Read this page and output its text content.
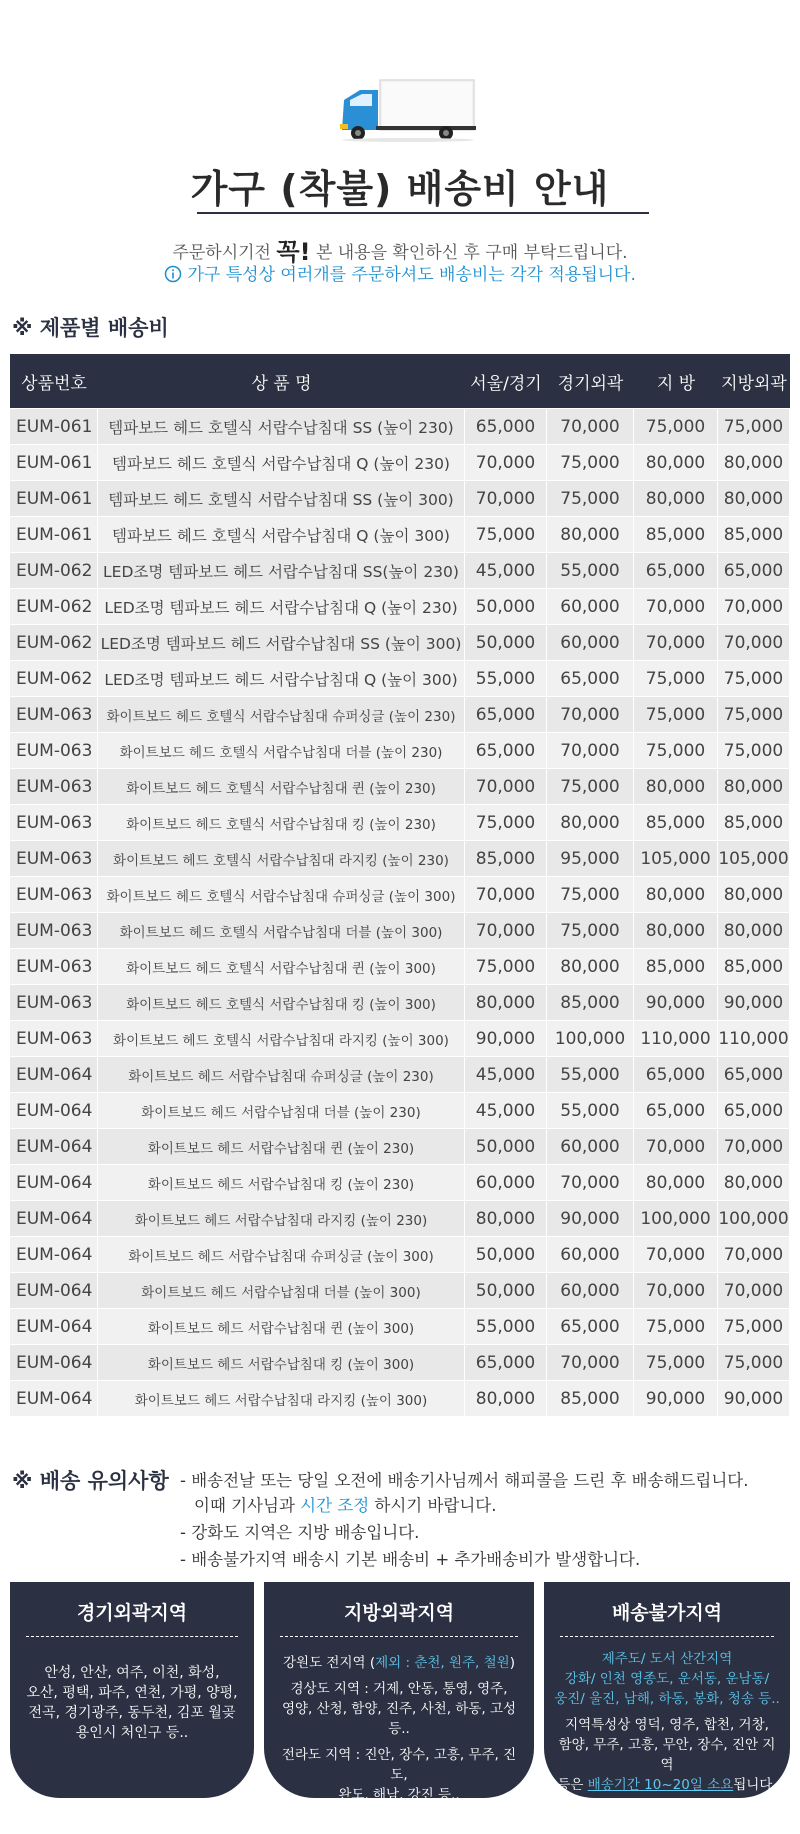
가구 (착불) 배송비 안내
주문하시기전 꼭! 본 내용을 확인하신 후 구매 부탁드립니다.
가구 특성상 여러개를 주문하셔도 배송비는 각각 적용됩니다.
※ 제품별 배송비
상품번호	상 품 명	서울/경기	경기외곽	지 방	지방외곽
EUM-061	템파보드 헤드 호텔식 서랍수납침대 SS (높이 230)	65,000	70,000	75,000	75,000
EUM-061	템파보드 헤드 호텔식 서랍수납침대 Q (높이 230)	70,000	75,000	80,000	80,000
EUM-061	템파보드 헤드 호텔식 서랍수납침대 SS (높이 300)	70,000	75,000	80,000	80,000
EUM-061	템파보드 헤드 호텔식 서랍수납침대 Q (높이 300)	75,000	80,000	85,000	85,000
EUM-062	LED조명 템파보드 헤드 서랍수납침대 SS(높이 230)	45,000	55,000	65,000	65,000
EUM-062	LED조명 템파보드 헤드 서랍수납침대 Q (높이 230)	50,000	60,000	70,000	70,000
EUM-062	LED조명 템파보드 헤드 서랍수납침대 SS (높이 300)	50,000	60,000	70,000	70,000
EUM-062	LED조명 템파보드 헤드 서랍수납침대 Q (높이 300)	55,000	65,000	75,000	75,000
EUM-063	화이트보드 헤드 호텔식 서랍수납침대 슈퍼싱글 (높이 230)	65,000	70,000	75,000	75,000
EUM-063	화이트보드 헤드 호텔식 서랍수납침대 더블 (높이 230)	65,000	70,000	75,000	75,000
EUM-063	화이트보드 헤드 호텔식 서랍수납침대 퀸 (높이 230)	70,000	75,000	80,000	80,000
EUM-063	화이트보드 헤드 호텔식 서랍수납침대 킹 (높이 230)	75,000	80,000	85,000	85,000
EUM-063	화이트보드 헤드 호텔식 서랍수납침대 라지킹 (높이 230)	85,000	95,000	105,000	105,000
EUM-063	화이트보드 헤드 호텔식 서랍수납침대 슈퍼싱글 (높이 300)	70,000	75,000	80,000	80,000
EUM-063	화이트보드 헤드 호텔식 서랍수납침대 더블 (높이 300)	70,000	75,000	80,000	80,000
EUM-063	화이트보드 헤드 호텔식 서랍수납침대 퀸 (높이 300)	75,000	80,000	85,000	85,000
EUM-063	화이트보드 헤드 호텔식 서랍수납침대 킹 (높이 300)	80,000	85,000	90,000	90,000
EUM-063	화이트보드 헤드 호텔식 서랍수납침대 라지킹 (높이 300)	90,000	100,000	110,000	110,000
EUM-064	화이트보드 헤드 서랍수납침대 슈퍼싱글 (높이 230)	45,000	55,000	65,000	65,000
EUM-064	화이트보드 헤드 서랍수납침대 더블 (높이 230)	45,000	55,000	65,000	65,000
EUM-064	화이트보드 헤드 서랍수납침대 퀸 (높이 230)	50,000	60,000	70,000	70,000
EUM-064	화이트보드 헤드 서랍수납침대 킹 (높이 230)	60,000	70,000	80,000	80,000
EUM-064	화이트보드 헤드 서랍수납침대 라지킹 (높이 230)	80,000	90,000	100,000	100,000
EUM-064	화이트보드 헤드 서랍수납침대 슈퍼싱글 (높이 300)	50,000	60,000	70,000	70,000
EUM-064	화이트보드 헤드 서랍수납침대 더블 (높이 300)	50,000	60,000	70,000	70,000
EUM-064	화이트보드 헤드 서랍수납침대 퀸 (높이 300)	55,000	65,000	75,000	75,000
EUM-064	화이트보드 헤드 서랍수납침대 킹 (높이 300)	65,000	70,000	75,000	75,000
EUM-064	화이트보드 헤드 서랍수납침대 라지킹 (높이 300)	80,000	85,000	90,000	90,000
※ 배송 유의사항 - 배송전날 또는 당일 오전에 배송기사님께서 해피콜을 드린 후 배송해드립니다.
이때 기사님과 시간 조정 하시기 바랍니다.
- 강화도 지역은 지방 배송입니다.
- 배송불가지역 배송시 기본 배송비 + 추가배송비가 발생합니다.
경기외곽지역

안성, 안산, 여주, 이천, 화성,

오산, 평택, 파주, 연천, 가평, 양평,

전곡, 경기광주, 동두천, 김포 월곶

용인시 처인구 등..

지방외곽지역

강원도 전지역 (제외 : 춘천, 원주, 철원)

경상도 지역 : 거제, 안동, 통영, 영주,

영양, 산청, 함양, 진주, 사천, 하동, 고성 등..

전라도 지역 : 진안, 장수, 고흥, 무주, 진도,

완도, 해남, 강진 등..

배송불가지역

제주도/ 도서 산간지역

강화/ 인천 영종도, 운서동, 운남동/

웅진/ 울진, 남해, 하동, 봉화, 청송 등..

지역특성상 영덕, 영주, 합천, 거창,

함양, 무주, 고흥, 무안, 장수, 진안 지역

등은 배송기간 10~20일 소요됩니다.
